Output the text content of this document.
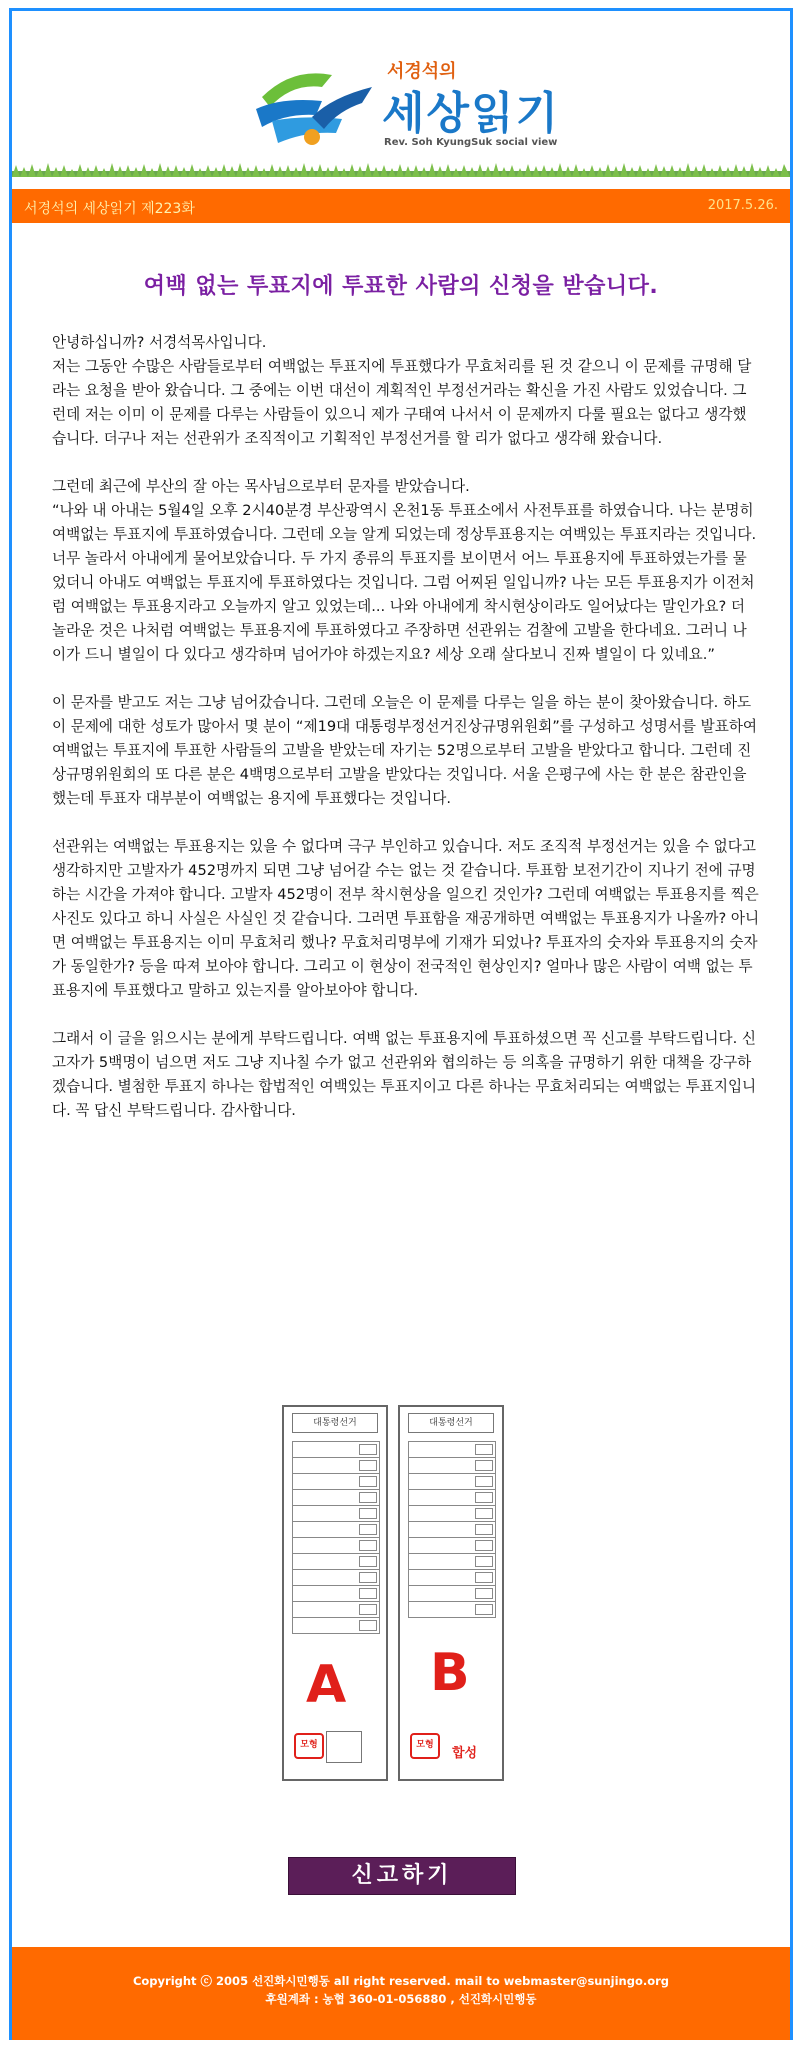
서경석의
세상읽기
Rev. Soh KyungSuk social view
서경석의 세상읽기 제223화	2017.5.26.
여백 없는 투표지에 투표한 사람의 신청을 받습니다.

안녕하십니까? 서경석목사입니다.
저는 그동안 수많은 사람들로부터 여백없는 투표지에 투표했다가 무효처리를 된 것 같으니 이 문제를 규명해 달라는 요청을 받아 왔습니다. 그 중에는 이번 대선이 계획적인 부정선거라는 확신을 가진 사람도 있었습니다. 그런데 저는 이미 이 문제를 다루는 사람들이 있으니 제가 구태여 나서서 이 문제까지 다룰 필요는 없다고 생각했습니다. 더구나 저는 선관위가 조직적이고 기획적인 부정선거를 할 리가 없다고 생각해 왔습니다.

그런데 최근에 부산의 잘 아는 목사님으로부터 문자를 받았습니다.
“나와 내 아내는 5월4일 오후 2시40분경 부산광역시 온천1동 투표소에서 사전투표를 하였습니다. 나는 분명히 여백없는 투표지에 투표하였습니다. 그런데 오늘 알게 되었는데 정상투표용지는 여백있는 투표지라는 것입니다. 너무 놀라서 아내에게 물어보았습니다. 두 가지 종류의 투표지를 보이면서 어느 투표용지에 투표하였는가를 물었더니 아내도 여백없는 투표지에 투표하였다는 것입니다. 그럼 어찌된 일입니까? 나는 모든 투표용지가 이전처럼 여백없는 투표용지라고 오늘까지 알고 있었는데... 나와 아내에게 착시현상이라도 일어났다는 말인가요? 더 놀라운 것은 나처럼 여백없는 투표용지에 투표하였다고 주장하면 선관위는 검찰에 고발을 한다네요. 그러니 나이가 드니 별일이 다 있다고 생각하며 넘어가야 하겠는지요? 세상 오래 살다보니 진짜 별일이 다 있네요.”

이 문자를 받고도 저는 그냥 넘어갔습니다. 그런데 오늘은 이 문제를 다루는 일을 하는 분이 찾아왔습니다. 하도 이 문제에 대한 성토가 많아서 몇 분이 “제19대 대통령부정선거진상규명위원회”를 구성하고 성명서를 발표하여 여백없는 투표지에 투표한 사람들의 고발을 받았는데 자기는 52명으로부터 고발을 받았다고 합니다. 그런데 진상규명위원회의 또 다른 분은 4백명으로부터 고발을 받았다는 것입니다. 서울 은평구에 사는 한 분은 참관인을 했는데 투표자 대부분이 여백없는 용지에 투표했다는 것입니다.

선관위는 여백없는 투표용지는 있을 수 없다며 극구 부인하고 있습니다. 저도 조직적 부정선거는 있을 수 없다고 생각하지만 고발자가 452명까지 되면 그냥 넘어갈 수는 없는 것 같습니다. 투표함 보전기간이 지나기 전에 규명하는 시간을 가져야 합니다. 고발자 452명이 전부 착시현상을 일으킨 것인가? 그런데 여백없는 투표용지를 찍은 사진도 있다고 하니 사실은 사실인 것 같습니다. 그러면 투표함을 재공개하면 여백없는 투표용지가 나올까? 아니면 여백없는 투표용지는 이미 무효처리 했나? 무효처리명부에 기재가 되었나? 투표자의 숫자와 투표용지의 숫자가 동일한가? 등을 따져 보아야 합니다. 그리고 이 현상이 전국적인 현상인지? 얼마나 많은 사람이 여백 없는 투표용지에 투표했다고 말하고 있는지를 알아보아야 합니다.

그래서 이 글을 읽으시는 분에게 부탁드립니다. 여백 없는 투표용지에 투표하셨으면 꼭 신고를 부탁드립니다. 신고자가 5백명이 넘으면 저도 그냥 지나칠 수가 없고 선관위와 협의하는 등 의혹을 규명하기 위한 대책을 강구하겠습니다. 별첨한 투표지 하나는 합법적인 여백있는 투표지이고 다른 하나는 무효처리되는 여백없는 투표지입니다. 꼭 답신 부탁드립니다. 감사합니다.

대통령선거
A
모형
대통령선거
B
모형
합성
신고하기
Copyright ⓒ 2005 선진화시민행동 all right reserved. mail to webmaster@sunjingo.org
후원계좌 : 농협 360-01-056880 , 선진화시민행동
